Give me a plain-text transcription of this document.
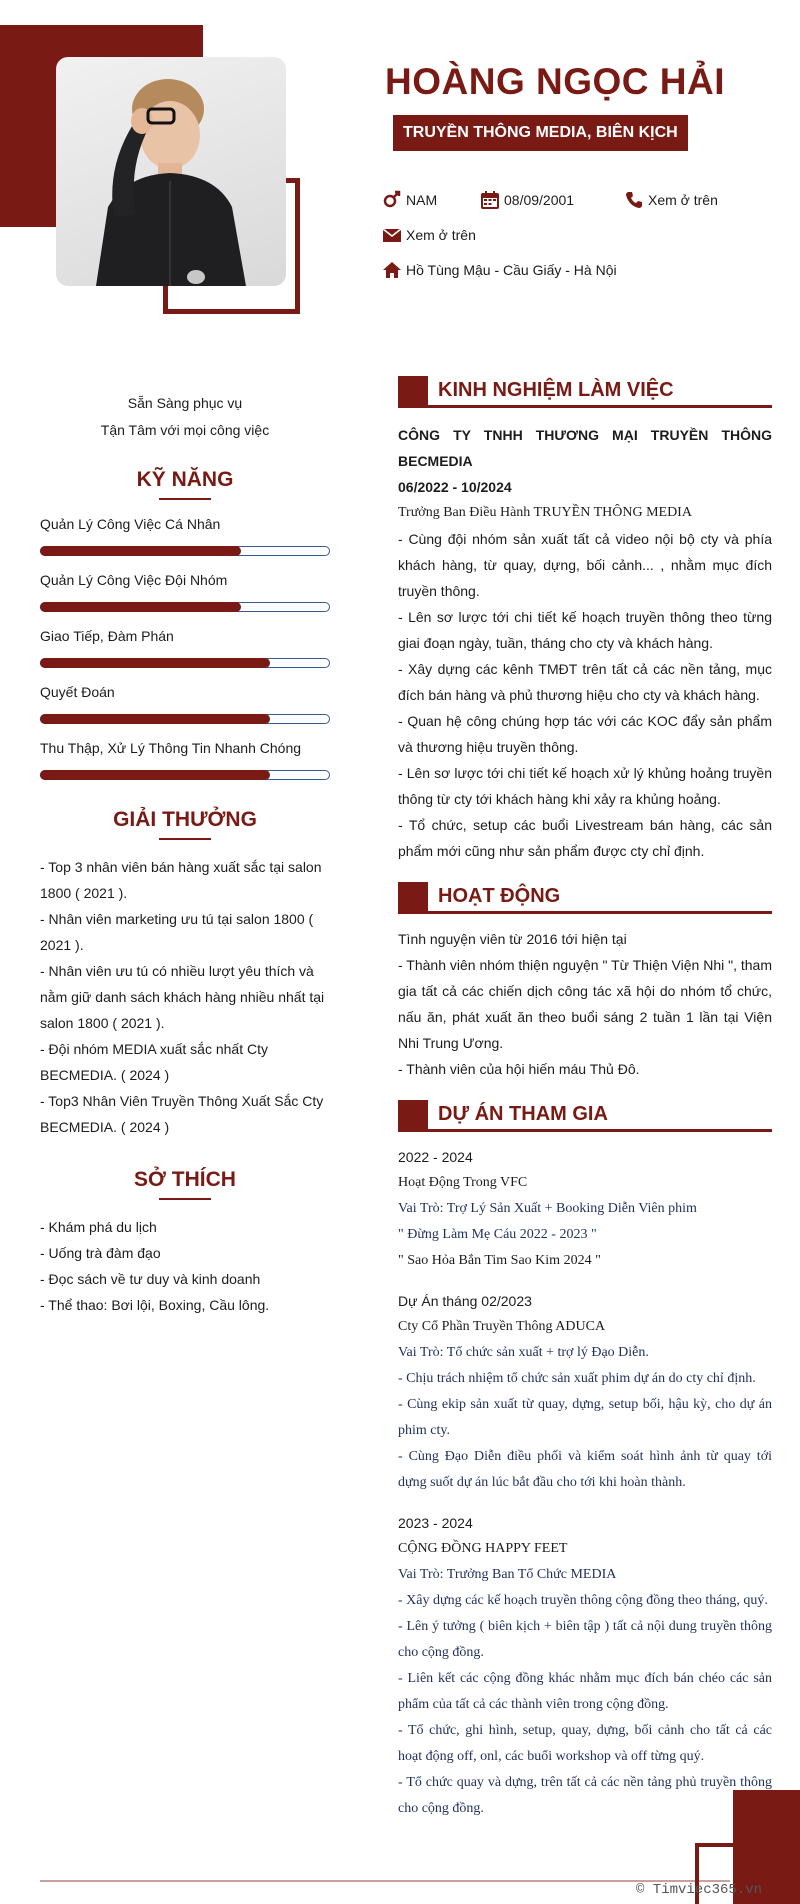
HOÀNG NGỌC HẢI
TRUYỀN THÔNG MEDIA, BIÊN KỊCH
NAM	08/09/2001	Xem ở trên
Xem ở trên
Hồ Tùng Mậu - Cầu Giấy - Hà Nội
Sẵn Sàng phục vụ
Tận Tâm với mọi công việc
KỸ NĂNG
Quản Lý Công Việc Cá Nhân
Quản Lý Công Việc Đội Nhóm
Giao Tiếp, Đàm Phán
Quyết Đoán
Thu Thập, Xử Lý Thông Tin Nhanh Chóng
GIẢI THƯỞNG
- Top 3 nhân viên bán hàng xuất sắc tại salon 1800 ( 2021 ).
- Nhân viên marketing ưu tú tại salon 1800 ( 2021 ).
- Nhân viên ưu tú có nhiều lượt yêu thích và nằm giữ danh sách khách hàng nhiều nhất tại salon 1800 ( 2021 ).
- Đội nhóm MEDIA xuất sắc nhất Cty BECMEDIA. ( 2024 )
- Top3 Nhân Viên Truyền Thông Xuất Sắc Cty BECMEDIA. ( 2024 )
SỞ THÍCH
- Khám phá du lịch
- Uống trà đàm đạo
- Đọc sách về tư duy và kinh doanh
- Thể thao: Bơi lội, Boxing, Cầu lông.
KINH NGHIỆM LÀM VIỆC
CÔNG TY TNHH THƯƠNG MẠI TRUYỀN THÔNG BECMEDIA
06/2022 - 10/2024
Trưởng Ban Điều Hành TRUYỀN THÔNG MEDIA
- Cùng đội nhóm sản xuất tất cả video nội bộ cty và phía khách hàng, từ quay, dựng, bối cảnh... , nhằm mục đích truyền thông.
- Lên sơ lược tới chi tiết kế hoạch truyền thông theo từng giai đoạn ngày, tuần, tháng cho cty và khách hàng.
- Xây dựng các kênh TMĐT trên tất cả các nền tảng, mục đích bán hàng và phủ thương hiệu cho cty và khách hàng.
- Quan hệ công chúng hợp tác với các KOC đẩy sản phẩm và thương hiệu truyền thông.
- Lên sơ lược tới chi tiết kế hoạch xử lý khủng hoảng truyền thông từ cty tới khách hàng khi xảy ra khủng hoảng.
- Tổ chức, setup các buổi Livestream bán hàng, các sản phẩm mới cũng như sản phẩm được cty chỉ định.
HOẠT ĐỘNG
Tình nguyện viên từ 2016 tới hiện tại
- Thành viên nhóm thiện nguyện " Từ Thiện Viện Nhi ", tham gia tất cả các chiến dịch công tác xã hội do nhóm tổ chức, nấu ăn, phát xuất ăn theo buổi sáng 2 tuần 1 lần tại Viện Nhi Trung Ương.
- Thành viên của hội hiến máu Thủ Đô.
DỰ ÁN THAM GIA
2022 - 2024
Hoạt Động Trong VFC
Vai Trò: Trợ Lý Sản Xuất + Booking Diễn Viên phim
" Đừng Làm Mẹ Cáu 2022 - 2023 "
" Sao Hỏa Bắn Tim Sao Kim 2024 "
Dự Án tháng 02/2023
Cty Cổ Phần Truyền Thông ADUCA
Vai Trò: Tổ chức sản xuất + trợ lý Đạo Diễn.
- Chịu trách nhiệm tổ chức sản xuất phim dự án do cty chỉ định.
- Cùng ekip sản xuất từ quay, dựng, setup bối, hậu kỳ, cho dự án phim cty.
- Cùng Đạo Diễn điều phối và kiểm soát hình ảnh từ quay tới dựng suốt dự án lúc bắt đầu cho tới khi hoàn thành.
2023 - 2024
CỘNG ĐỒNG HAPPY FEET
Vai Trò: Trưởng Ban Tổ Chức MEDIA
- Xây dựng các kế hoạch truyền thông cộng đồng theo tháng, quý.
- Lên ý tưởng ( biên kịch + biên tập ) tất cả nội dung truyền thông cho cộng đồng.
- Liên kết các cộng đồng khác nhằm mục đích bán chéo các sản phẩm của tất cả các thành viên trong cộng đồng.
- Tổ chức, ghi hình, setup, quay, dựng, bối cảnh cho tất cả các hoạt động off, onl, các buổi workshop và off từng quý.
- Tổ chức quay và dựng, trên tất cả các nền tảng phủ truyền thông cho cộng đồng.
© Timviec365.vn
